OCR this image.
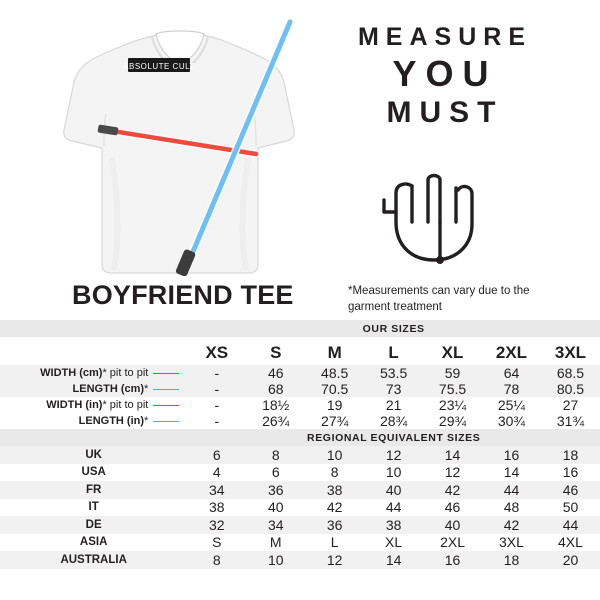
ABSOLUTE CULT
MEASURE
YOU
MUST
BOYFRIEND TEE	*Measurements can vary due to the garment treatment
	OUR SIZES						
	XS	S	M	L	XL	2XL	3XL
WIDTH (cm)* pit to pit	-	46	48.5	53.5	59	64	68.5
LENGTH (cm)*	-	68	70.5	73	75.5	78	80.5
WIDTH (in)* pit to pit	-	18½	19	21	23¼	25¼	27
LENGTH (in)*	-	26¾	27¾	28¾	29¾	30¾	31¾
	REGIONAL EQUIVALENT SIZES						
UK	6	8	10	12	14	16	18
USA	4	6	8	10	12	14	16
FR	34	36	38	40	42	44	46
IT	38	40	42	44	46	48	50
DE	32	34	36	38	40	42	44
ASIA	S	M	L	XL	2XL	3XL	4XL
AUSTRALIA	8	10	12	14	16	18	20
